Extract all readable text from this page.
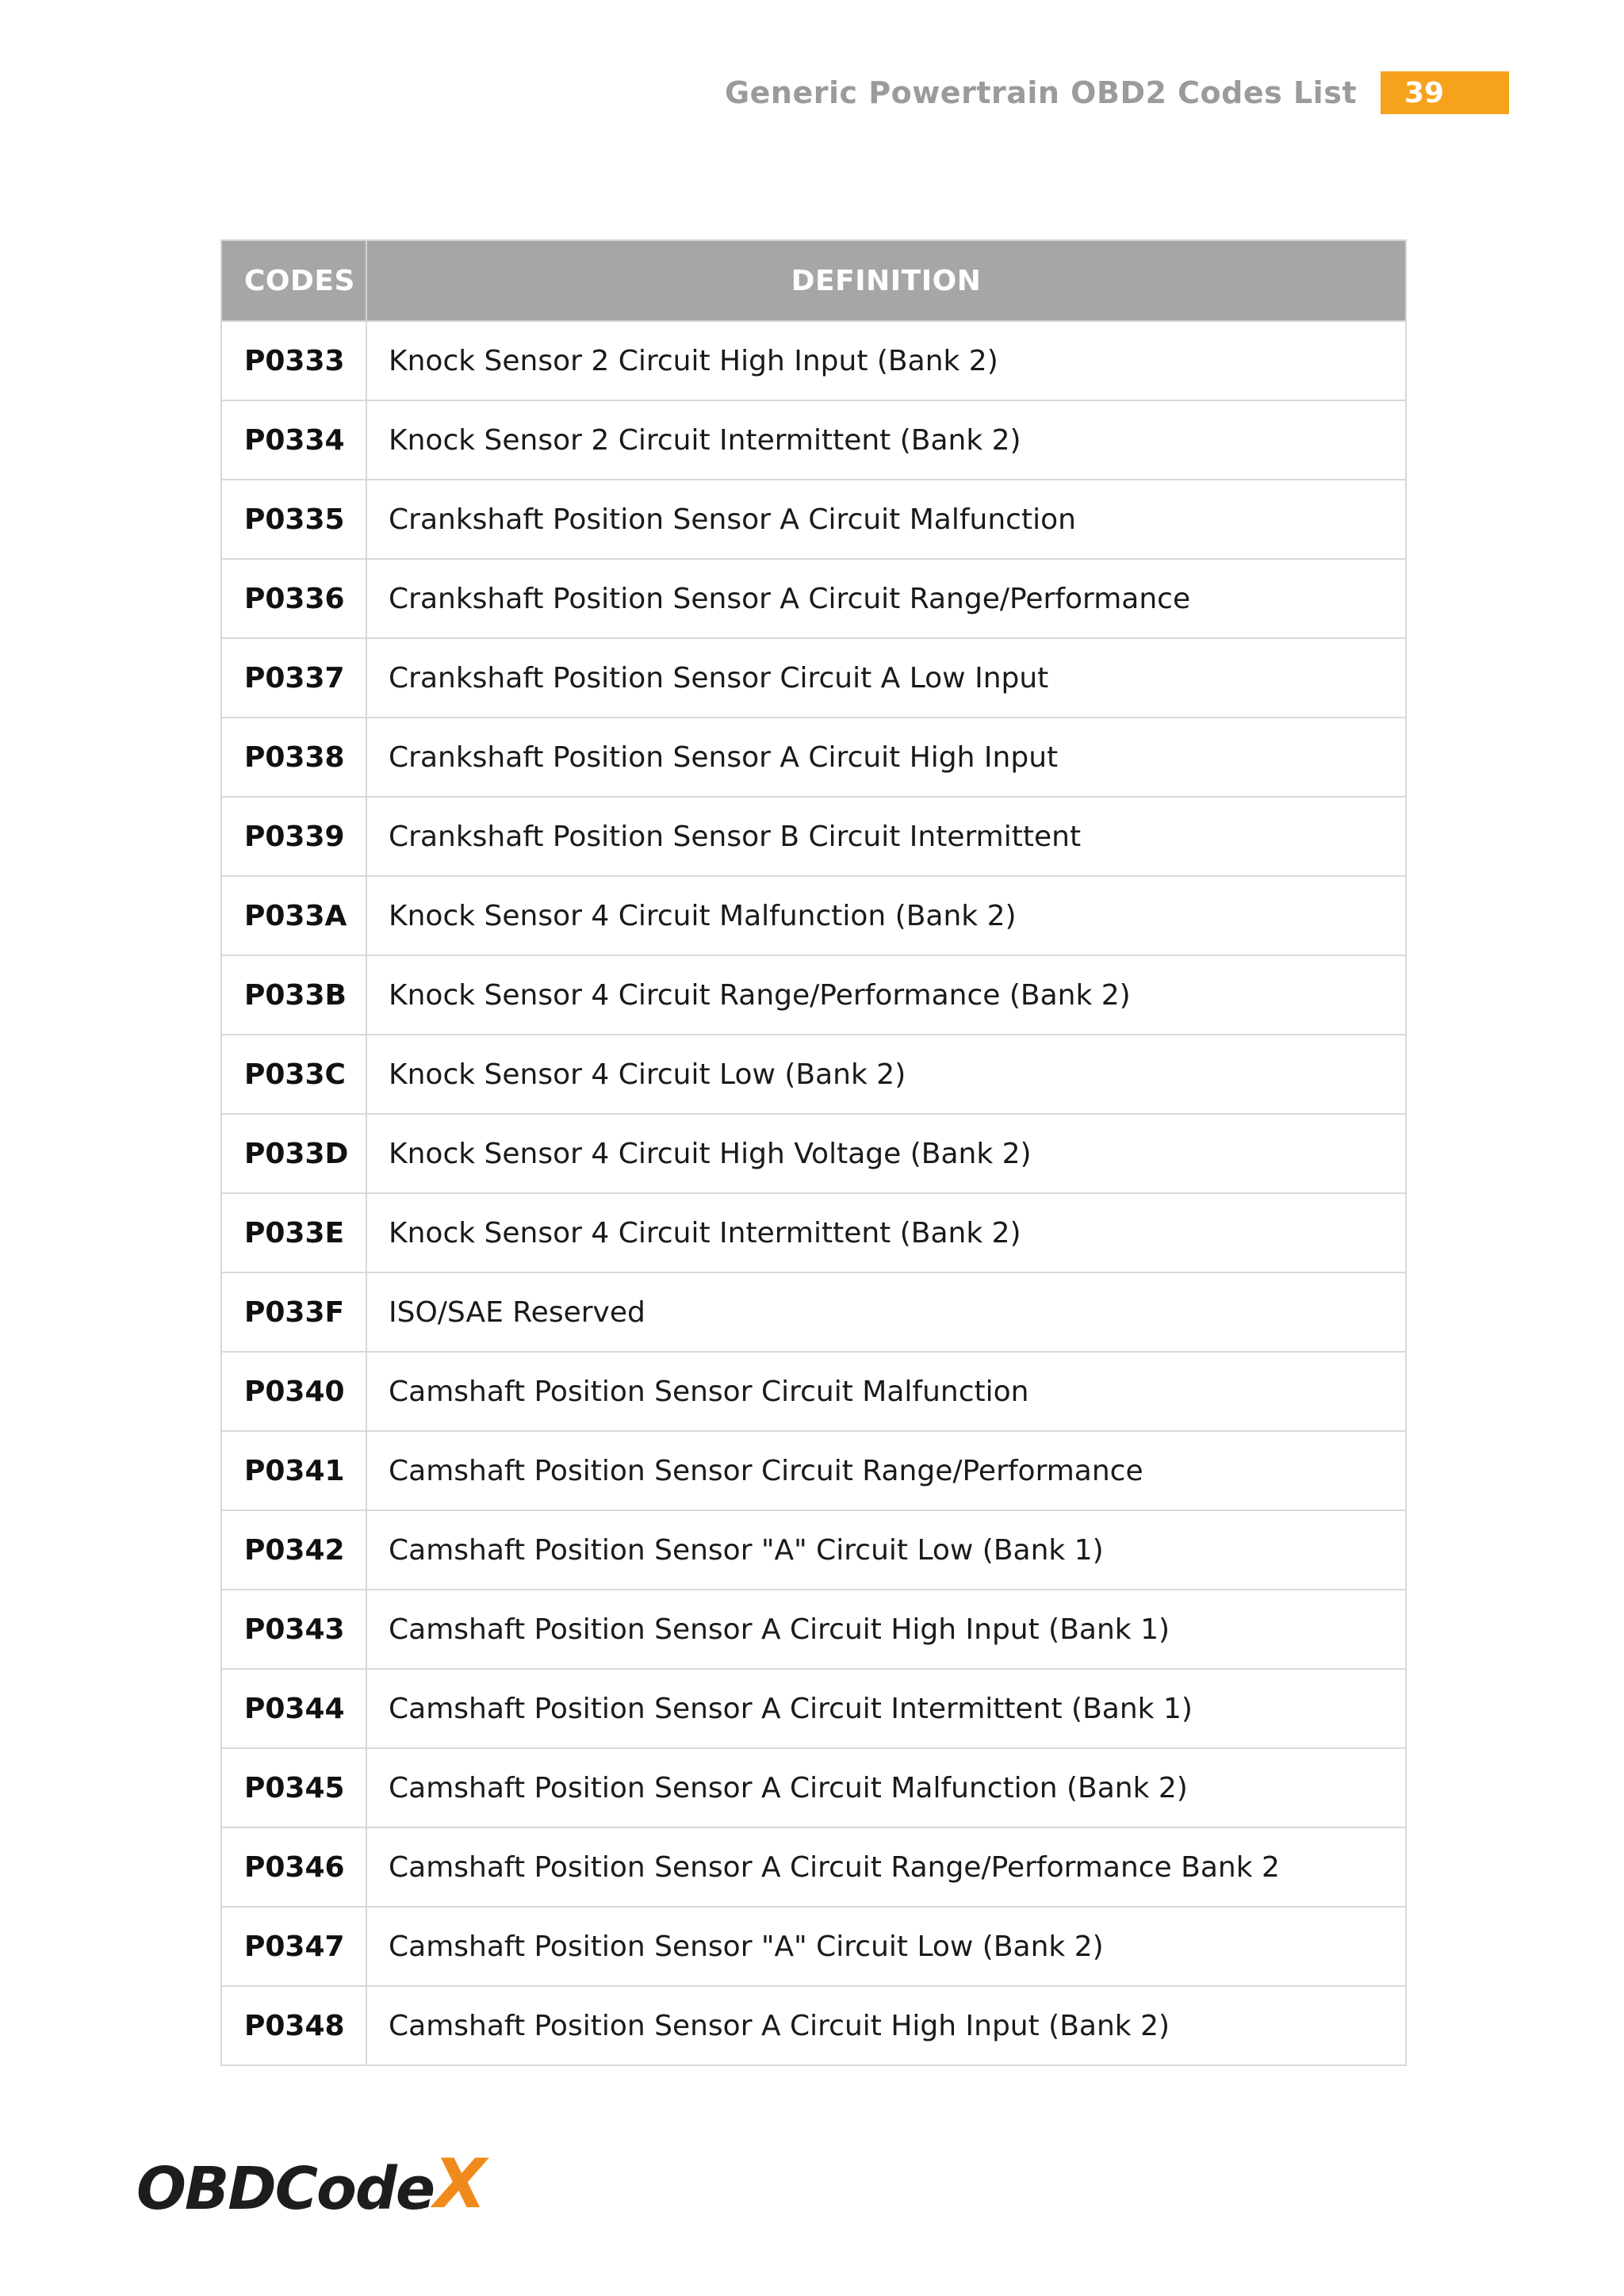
Generic Powertrain OBD2 Codes List	39
CODES	DEFINITION
P0333	Knock Sensor 2 Circuit High Input (Bank 2)
P0334	Knock Sensor 2 Circuit Intermittent (Bank 2)
P0335	Crankshaft Position Sensor A Circuit Malfunction
P0336	Crankshaft Position Sensor A Circuit Range/Performance
P0337	Crankshaft Position Sensor Circuit A Low Input
P0338	Crankshaft Position Sensor A Circuit High Input
P0339	Crankshaft Position Sensor B Circuit Intermittent
P033A	Knock Sensor 4 Circuit Malfunction (Bank 2)
P033B	Knock Sensor 4 Circuit Range/Performance (Bank 2)
P033C	Knock Sensor 4 Circuit Low (Bank 2)
P033D	Knock Sensor 4 Circuit High Voltage (Bank 2)
P033E	Knock Sensor 4 Circuit Intermittent (Bank 2)
P033F	ISO/SAE Reserved
P0340	Camshaft Position Sensor Circuit Malfunction
P0341	Camshaft Position Sensor Circuit Range/Performance
P0342	Camshaft Position Sensor "A" Circuit Low (Bank 1)
P0343	Camshaft Position Sensor A Circuit High Input (Bank 1)
P0344	Camshaft Position Sensor A Circuit Intermittent (Bank 1)
P0345	Camshaft Position Sensor A Circuit Malfunction (Bank 2)
P0346	Camshaft Position Sensor A Circuit Range/Performance Bank 2
P0347	Camshaft Position Sensor "A" Circuit Low (Bank 2)
P0348	Camshaft Position Sensor A Circuit High Input (Bank 2)
OBDCode X
